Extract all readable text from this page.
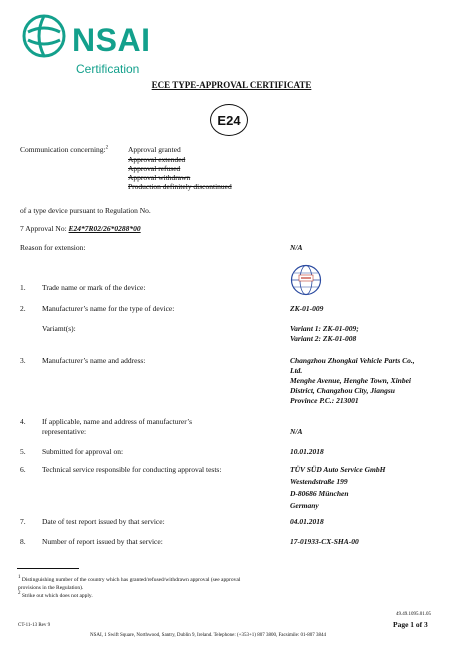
NSAI
Certification
ECE TYPE-APPROVAL CERTIFICATE
E24
Communication concerning:$^2$	Approval granted
Approval extended
Approval refused
Approval withdrawn
Production definitely discontinued
of a type device pursuant to Regulation No.
7 Approval No: E24*7R02/26*0288*00
Reason for extension:	N/A
1. Trade name or mark of the device:
2. Manufacturer’s name for the type of device:	ZK-01-009
Variamt(s):	Variant 1: ZK-01-009;
Variant 2: ZK-01-008
3. Manufacturer’s name and address:	Changzhou Zhongkai Vehicle Parts Co.,
Ltd.
Menghe Avenue, Henghe Town, Xinbei
District, Changzhou City, Jiangsu
Province P.C.: 213001
4. If applicable, name and address of manufacturer’s
representative:	N/A
5. Submitted for approval on:	10.01.2018
6. Technical service responsible for conducting approval tests:	TÜV SÜD Auto Service GmbH
Westendstraße 199
D-80686 München
Germany
7. Date of test report issued by that service:	04.01.2018
8. Number of report issued by that service:	17-01933-CX-SHA-00
$^1$ Distinguishing number of the country which has granted/refused/withdrawn approval (see approval
provisions in the Regulation).
$^2$ Strike out which does not apply.
CT-11-13 Rev 9
49.49.1095.01.05
Page 1 of 3
NSAI, 1 Swift Square, Northwood, Santry, Dublin 9, Ireland. Telephone: (+353+1) 807 3800, Facsimile: 01-807 3844
